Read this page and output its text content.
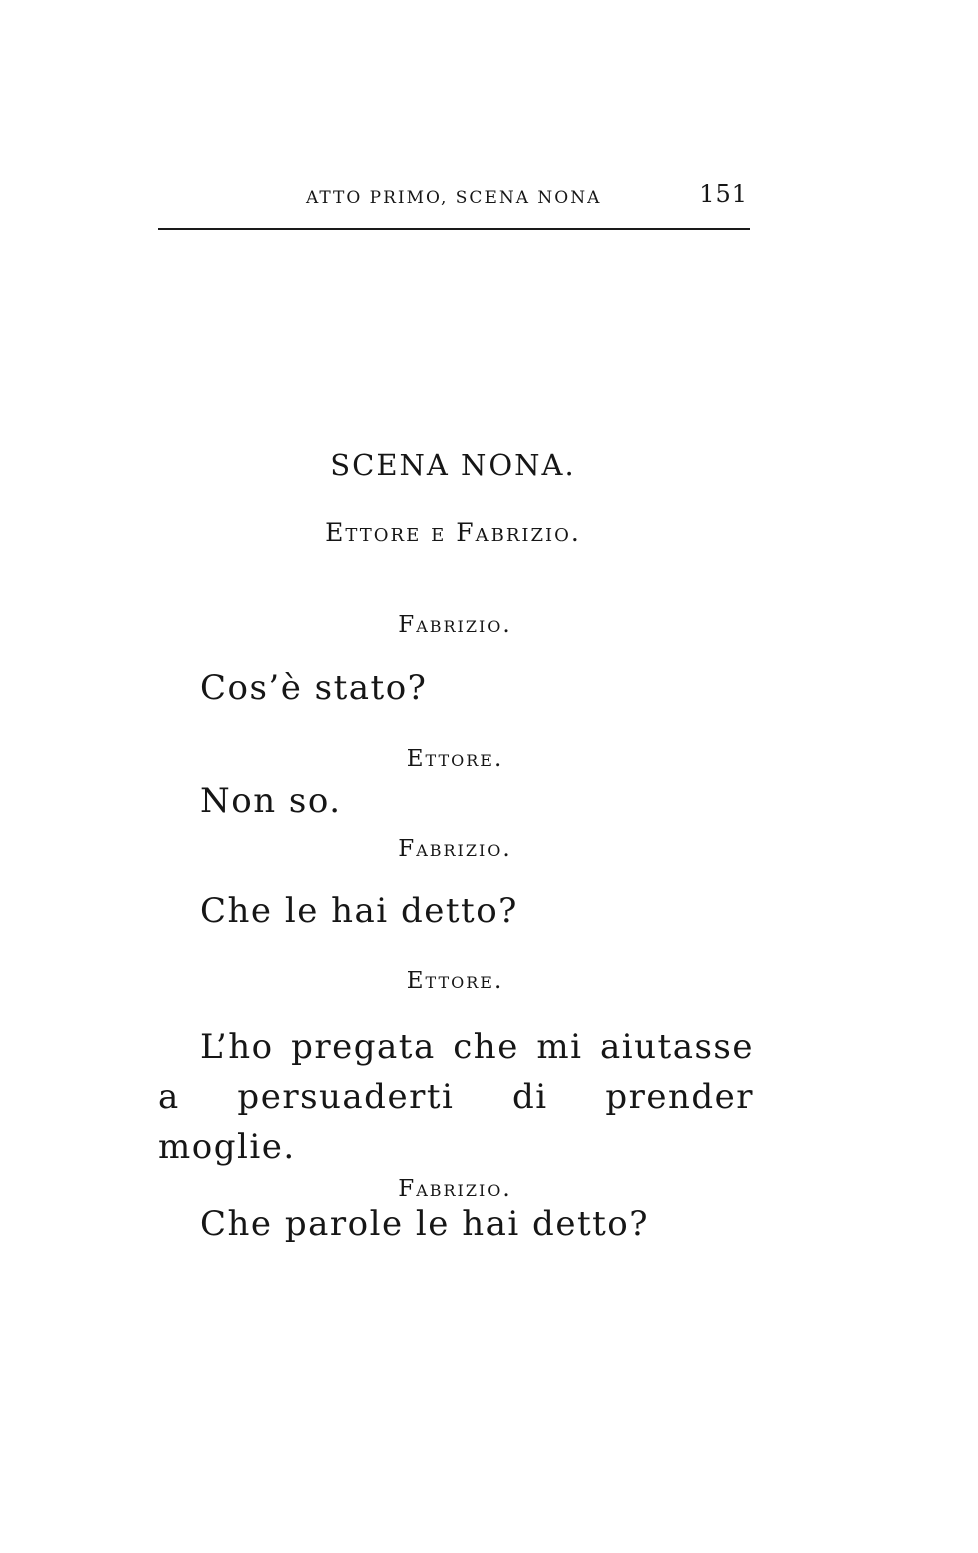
ATTO PRIMO, SCENA NONA	151
SCENA NONA.
Ettore e Fabrizio.
Fabrizio.
Cos’è stato?
Ettore.
Non so.
Fabrizio.
Che le hai detto?
Ettore.
L’ho pregata che mi aiutasse a persuaderti di prender moglie.
Fabrizio.
Che parole le hai detto?
